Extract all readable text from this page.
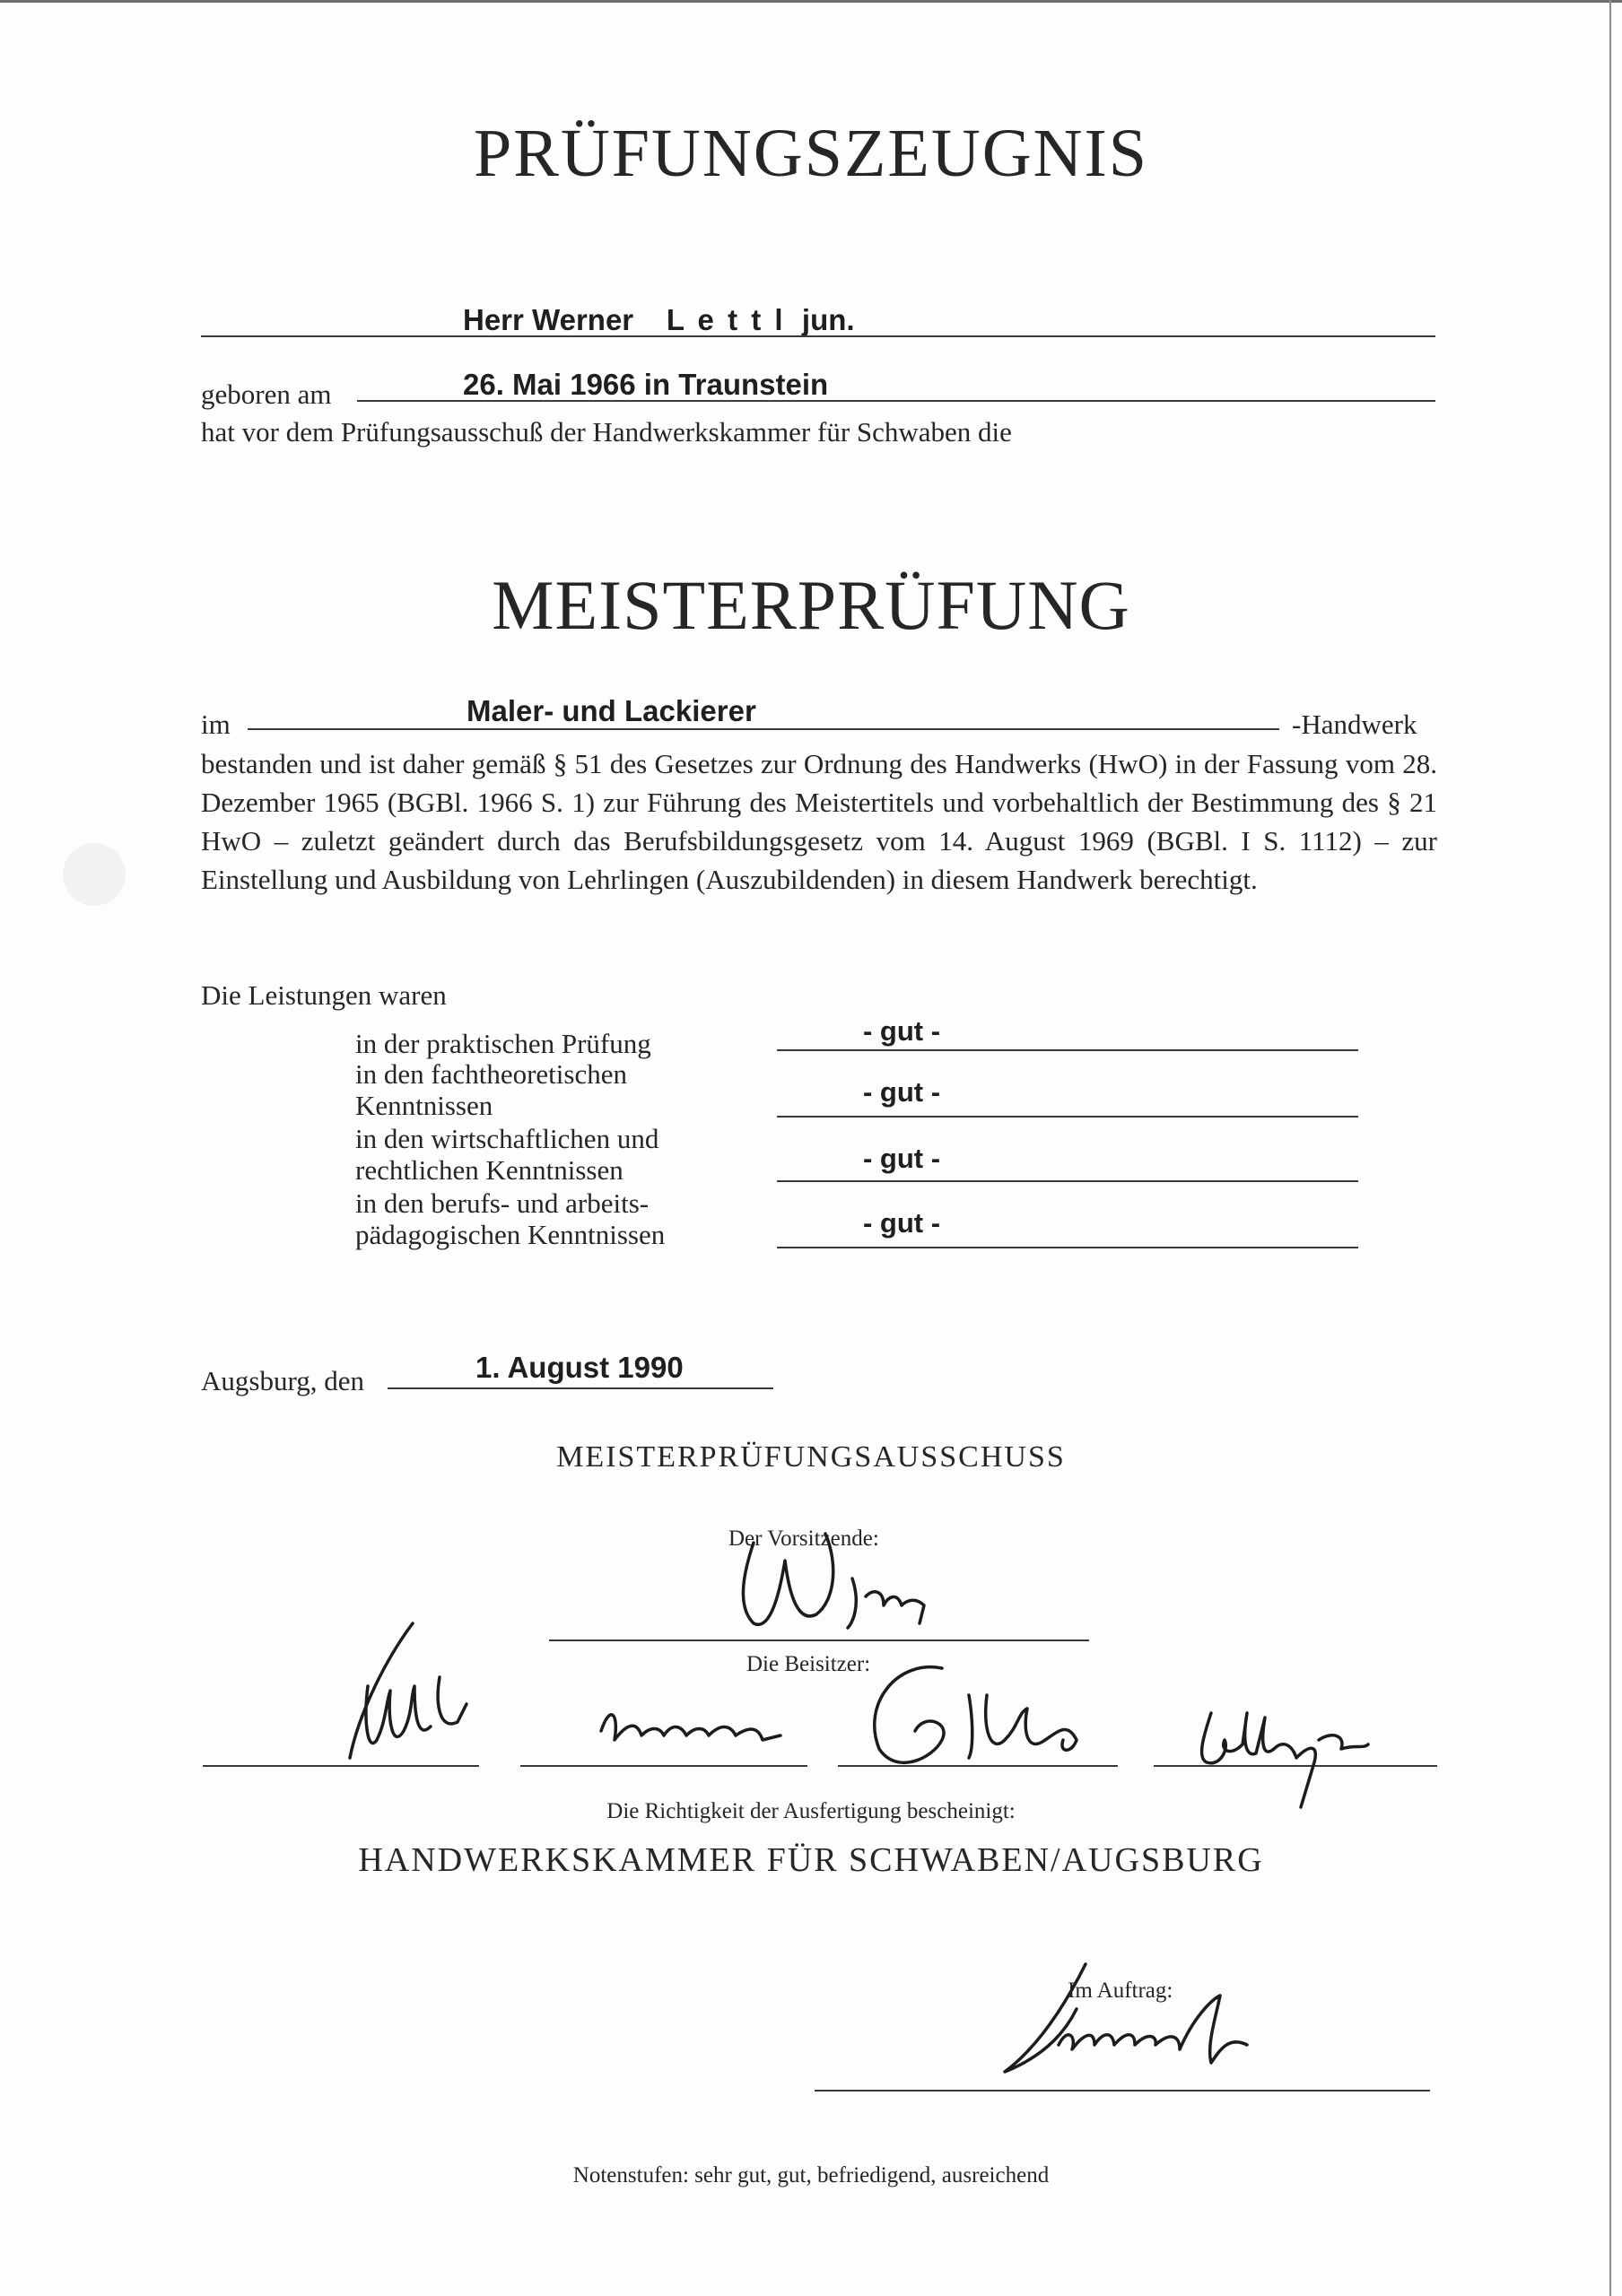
PRÜFUNGSZEUGNIS
Herr Werner L e t t l jun.
geboren am	26. Mai 1966 in Traunstein
hat vor dem Prüfungsausschuß der Handwerkskammer für Schwaben die
MEISTERPRÜFUNG
im	Maler- und Lackierer	-Handwerk
bestanden und ist daher gemäß § 51 des Gesetzes zur Ordnung des Handwerks (HwO) in der Fassung vom 28. Dezember 1965 (BGBl. 1966 S. 1) zur Führung des Meistertitels und vorbehaltlich der Bestimmung des § 21 HwO – zuletzt geändert durch das Berufsbildungsgesetz vom 14. August 1969 (BGBl. I S. 1112) – zur Einstellung und Ausbildung von Lehrlingen (Auszubildenden) in diesem Handwerk berechtigt.
Die Leistungen waren
in der praktischen Prüfung	- gut -
in den fachtheoretischen
Kenntnissen	- gut -
in den wirtschaftlichen und
rechtlichen Kenntnissen	- gut -
in den berufs- und arbeits-
pädagogischen Kenntnissen	- gut -
Augsburg, den	1. August 1990
MEISTERPRÜFUNGSAUSSCHUSS
Der Vorsitzende:
Die Beisitzer:
Die Richtigkeit der Ausfertigung bescheinigt:
HANDWERKSKAMMER FÜR SCHWABEN/AUGSBURG
Im Auftrag:
Notenstufen: sehr gut, gut, befriedigend, ausreichend
